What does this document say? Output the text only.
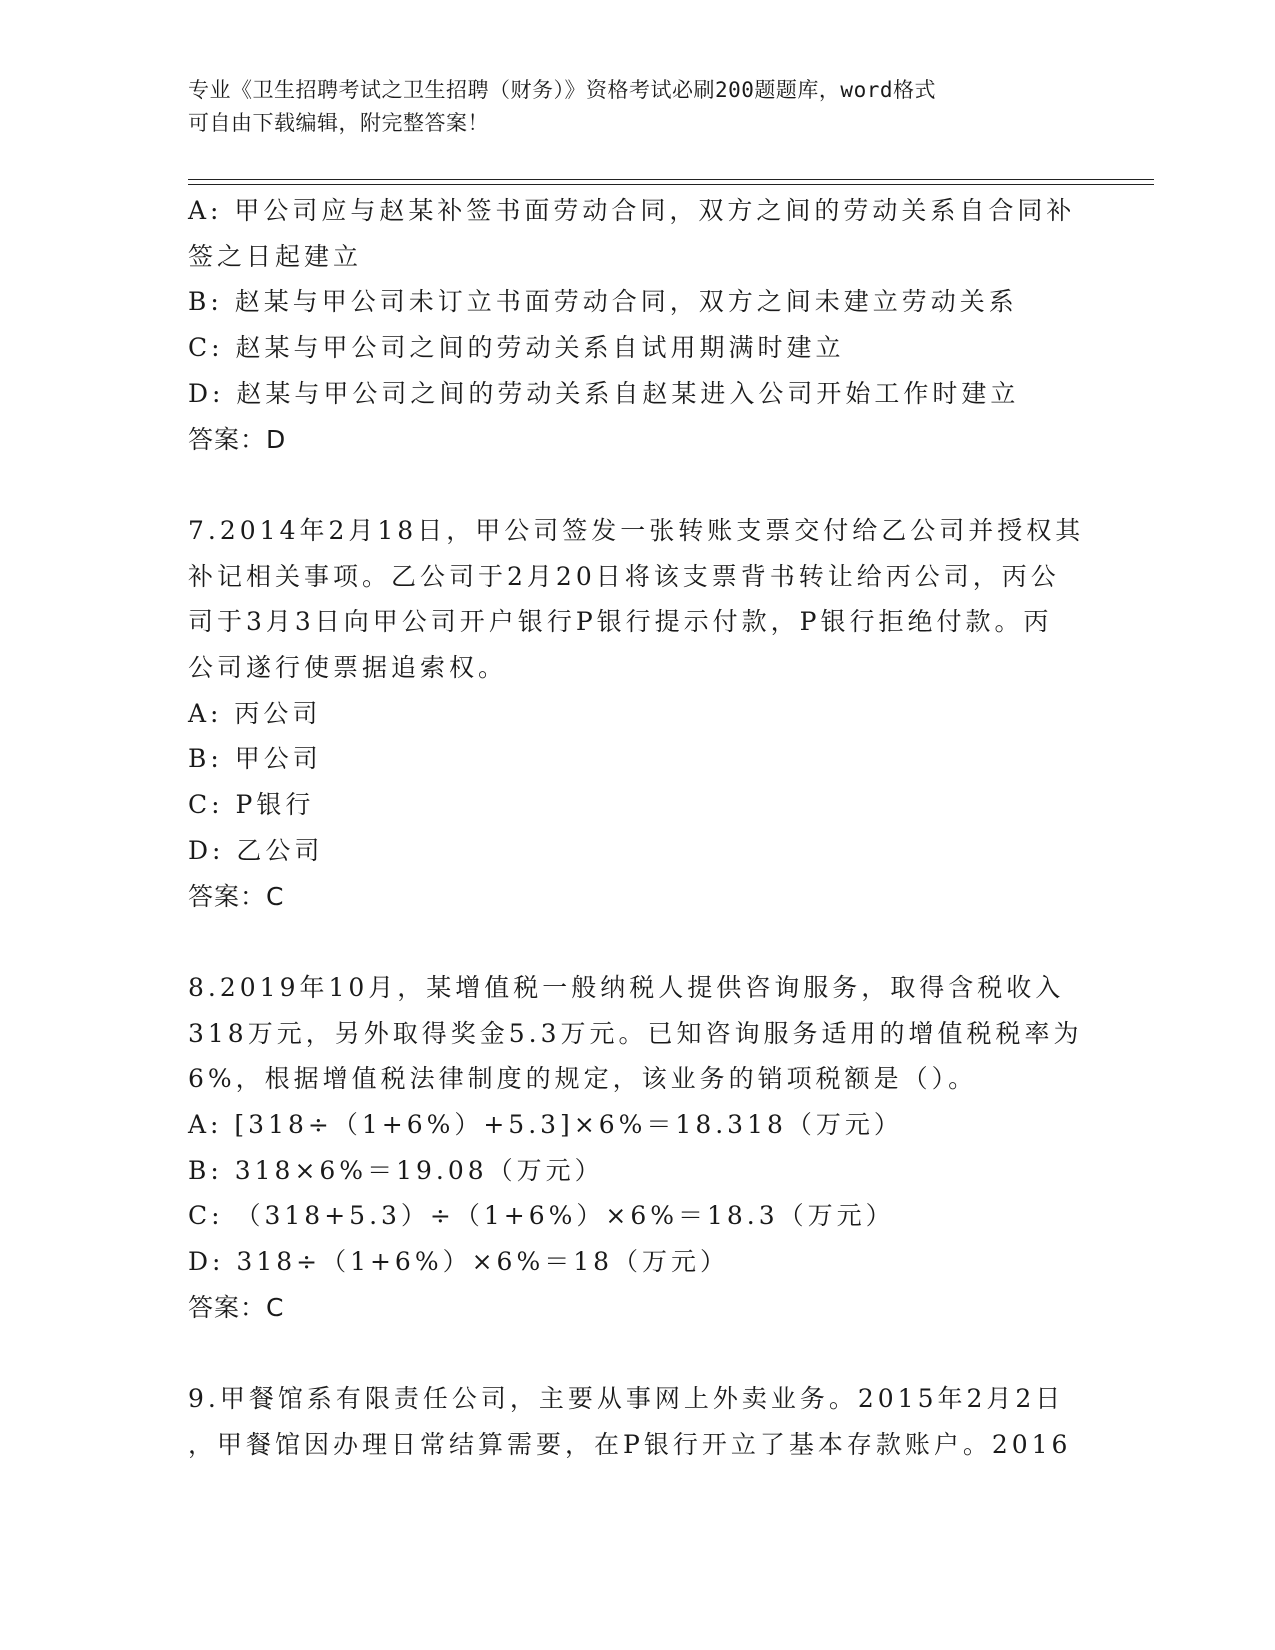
专业《卫生招聘考试之卫生招聘（财务）》资格考试必刷200题题库，word格式
可自由下载编辑，附完整答案！
A: 甲公司应与赵某补签书面劳动合同，双方之间的劳动关系自合同补
签之日起建立
B: 赵某与甲公司未订立书面劳动合同，双方之间未建立劳动关系
C: 赵某与甲公司之间的劳动关系自试用期满时建立
D: 赵某与甲公司之间的劳动关系自赵某进入公司开始工作时建立
答案：D
7.2014年2月18日，甲公司签发一张转账支票交付给乙公司并授权其
补记相关事项。乙公司于2月20日将该支票背书转让给丙公司，丙公
司于3月3日向甲公司开户银行P银行提示付款，P银行拒绝付款。丙
公司遂行使票据追索权。
A: 丙公司
B: 甲公司
C: P银行
D: 乙公司
答案：C
8.2019年10月，某增值税一般纳税人提供咨询服务，取得含税收入
318万元，另外取得奖金5.3万元。已知咨询服务适用的增值税税率为
6%，根据增值税法律制度的规定，该业务的销项税额是（）。
A: [318÷（1+6%）+5.3]×6%＝18.318（万元）
B: 318×6%＝19.08（万元）
C: （318+5.3）÷（1+6%）×6%＝18.3（万元）
D: 318÷（1+6%）×6%＝18（万元）
答案：C
9.甲餐馆系有限责任公司，主要从事网上外卖业务。2015年2月2日
，甲餐馆因办理日常结算需要，在P银行开立了基本存款账户。2016
